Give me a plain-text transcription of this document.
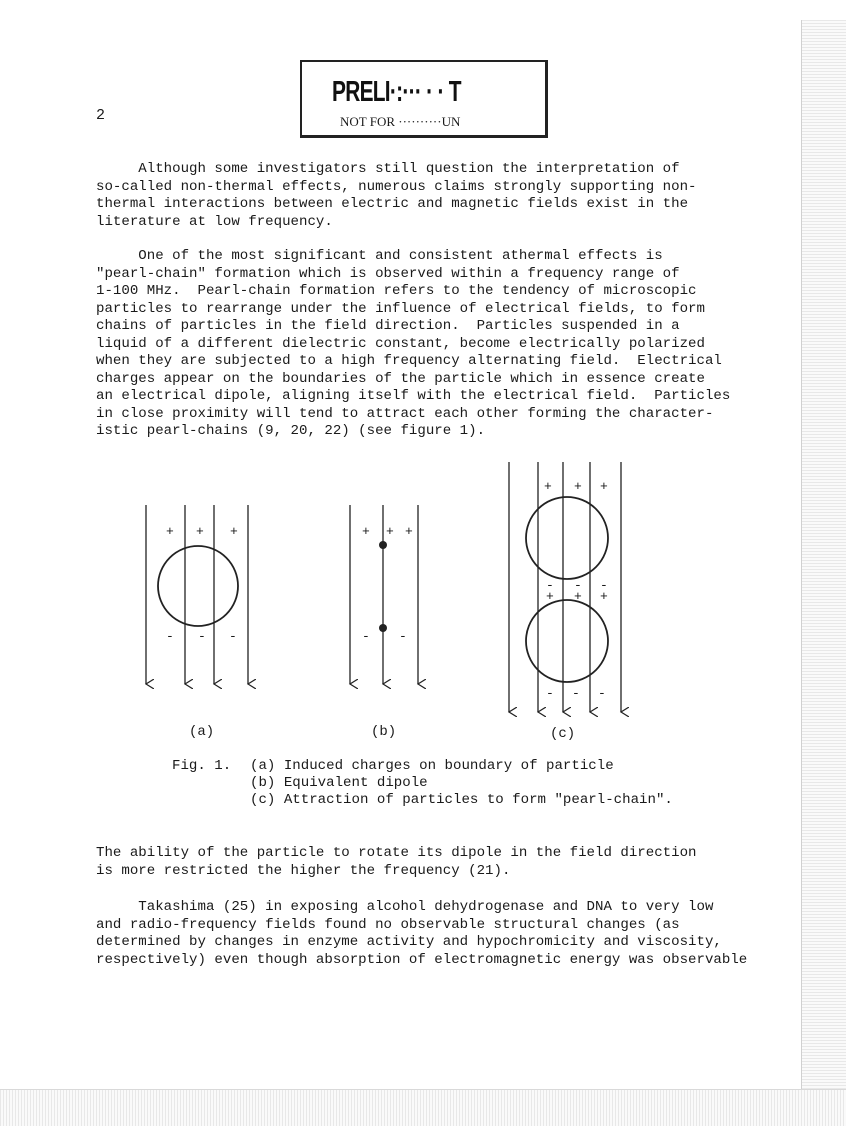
2
PRELI·:··· · · T
NOT FOR ··········UN

Although some investigators still question the interpretation of
so-called non-thermal effects, numerous claims strongly supporting non-
thermal interactions between electric and magnetic fields exist in the
literature at low frequency.

One of the most significant and consistent athermal effects is
"pearl-chain" formation which is observed within a frequency range of
1-100 MHz.  Pearl-chain formation refers to the tendency of microscopic
particles to rearrange under the influence of electrical fields, to form
chains of particles in the field direction.  Particles suspended in a
liquid of a different dielectric constant, become electrically polarized
when they are subjected to a high frequency alternating field.  Electrical
charges appear on the boundaries of the particle which in essence create
an electrical dipole, aligning itself with the electrical field.  Particles
in close proximity will tend to attract each other forming the character-
istic pearl-chains (9, 20, 22) (see figure 1).

The ability of the particle to rotate its dipole in the field direction
is more restricted the higher the frequency (21).

Takashima (25) in exposing alcohol dehydrogenase and DNA to very low
and radio-frequency fields found no observable structural changes (as
determined by changes in enzyme activity and hypochromicity and viscosity,
respectively) even though absorption of electromagnetic energy was observable

+ + +
- - -
(a)
+ + +
- -
(b)
+ + +
- - -
+ + +
- - -
(c)
Fig. 1. (a) Induced charges on boundary of particle
(b) Equivalent dipole
(c) Attraction of particles to form "pearl-chain".
